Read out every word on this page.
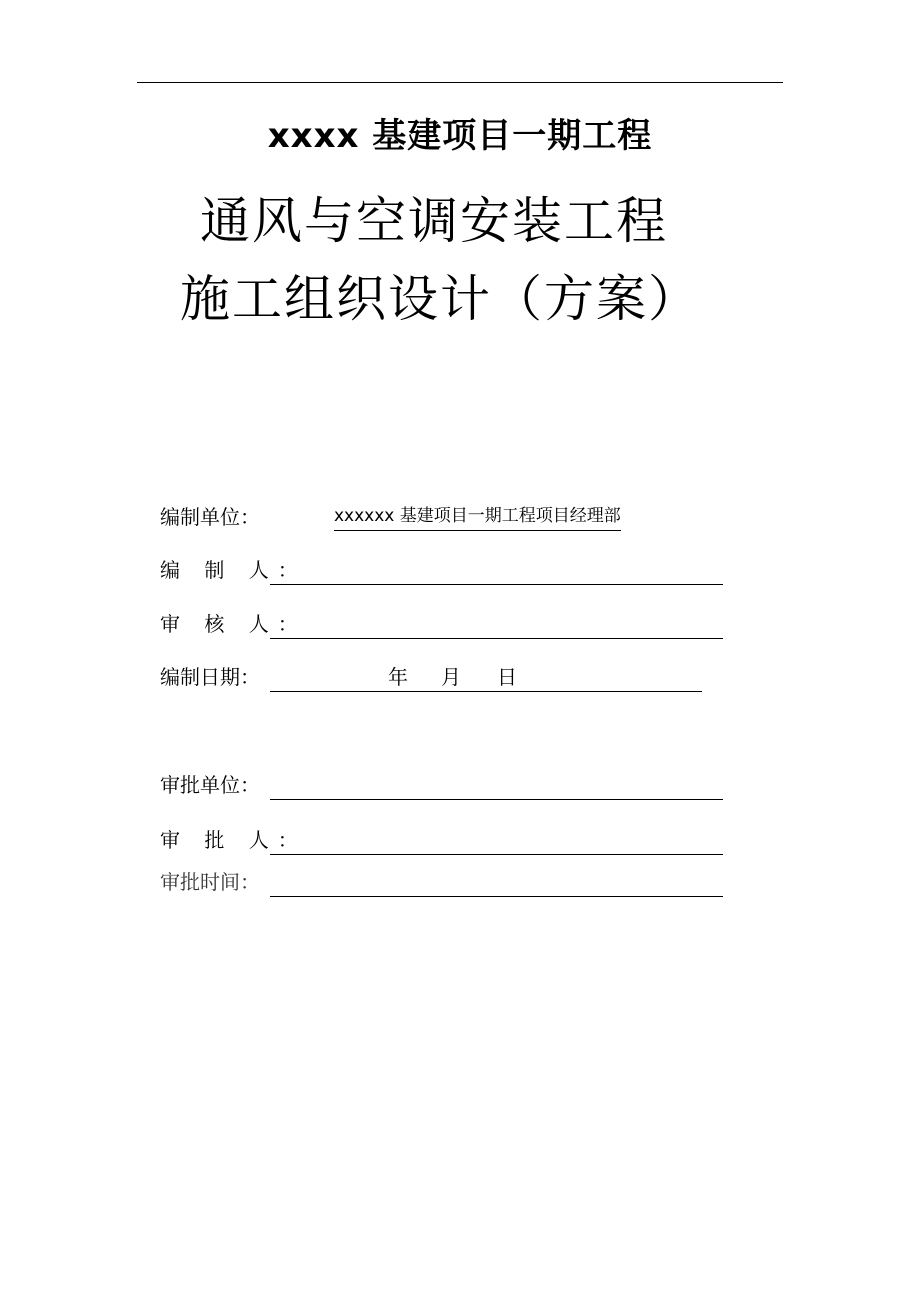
xxxx 基建项目一期工程
通风与空调安装工程
施工组织设计（方案）
编制单位：	xxxxxx 基建项目一期工程项目经理部
编 制 人：
审 核 人：
编制日期：	年 月 日
审批单位：
审 批 人：
审批时间：
